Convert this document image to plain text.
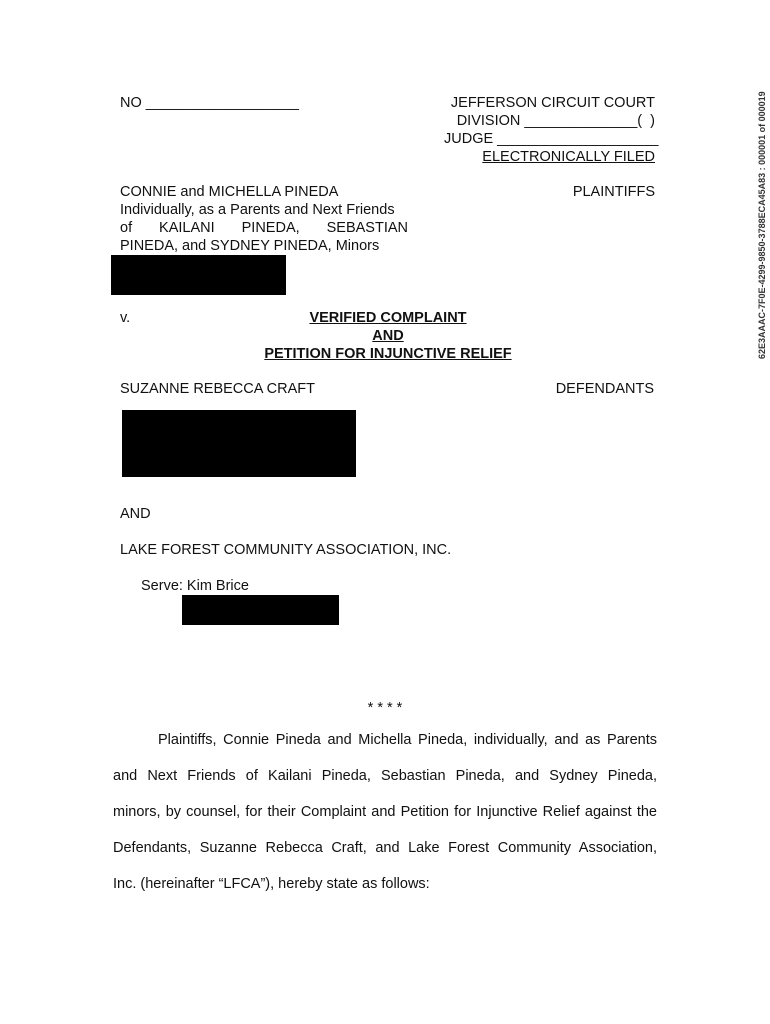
62E3AAAC-7F0E-4299-9850-3788ECA45A83 : 000001 of 000019
NO ___________________	JEFFERSON CIRCUIT COURT
DIVISION ______________(  )
JUDGE ____________________
ELECTRONICALLY FILED
CONNIE and MICHELLA PINEDA
Individually, as a Parents and Next Friends
of KAILANI PINEDA, SEBASTIAN
PINEDA, and SYDNEY PINEDA, Minors
PLAINTIFFS
v.	VERIFIED COMPLAINT
AND
PETITION FOR INJUNCTIVE RELIEF
SUZANNE REBECCA CRAFT	DEFENDANTS
AND
LAKE FOREST COMMUNITY ASSOCIATION, INC.
Serve: Kim Brice
* * * *
Plaintiffs, Connie Pineda and Michella Pineda, individually, and as Parents
and Next Friends of Kailani Pineda, Sebastian Pineda, and Sydney Pineda,
minors, by counsel, for their Complaint and Petition for Injunctive Relief against the
Defendants, Suzanne Rebecca Craft, and Lake Forest Community Association,
Inc. (hereinafter “LFCA”), hereby state as follows:
